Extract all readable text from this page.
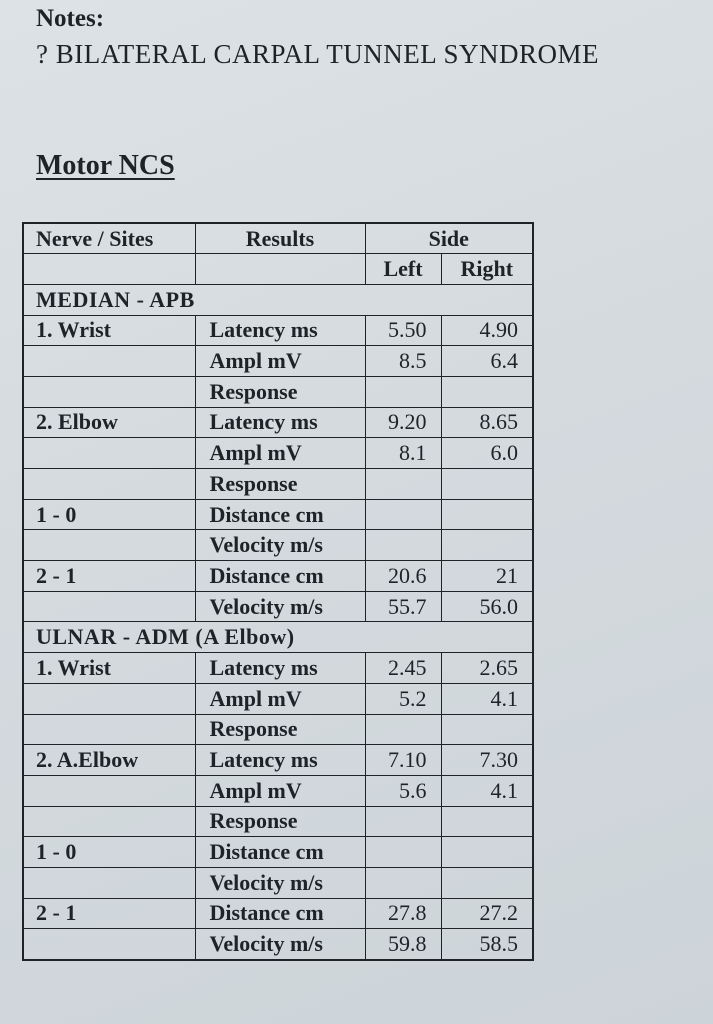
Notes:
? BILATERAL CARPAL TUNNEL SYNDROME
Motor NCS
Nerve / Sites	Results	Side	
		Left	Right
MEDIAN - APB			
1. Wrist	Latency ms	5.50	4.90
	Ampl mV	8.5	6.4
	Response		
2. Elbow	Latency ms	9.20	8.65
	Ampl mV	8.1	6.0
	Response		
1 - 0	Distance cm		
	Velocity m/s		
2 - 1	Distance cm	20.6	21
	Velocity m/s	55.7	56.0
ULNAR - ADM (A Elbow)			
1. Wrist	Latency ms	2.45	2.65
	Ampl mV	5.2	4.1
	Response		
2. A.Elbow	Latency ms	7.10	7.30
	Ampl mV	5.6	4.1
	Response		
1 - 0	Distance cm		
	Velocity m/s		
2 - 1	Distance cm	27.8	27.2
	Velocity m/s	59.8	58.5
